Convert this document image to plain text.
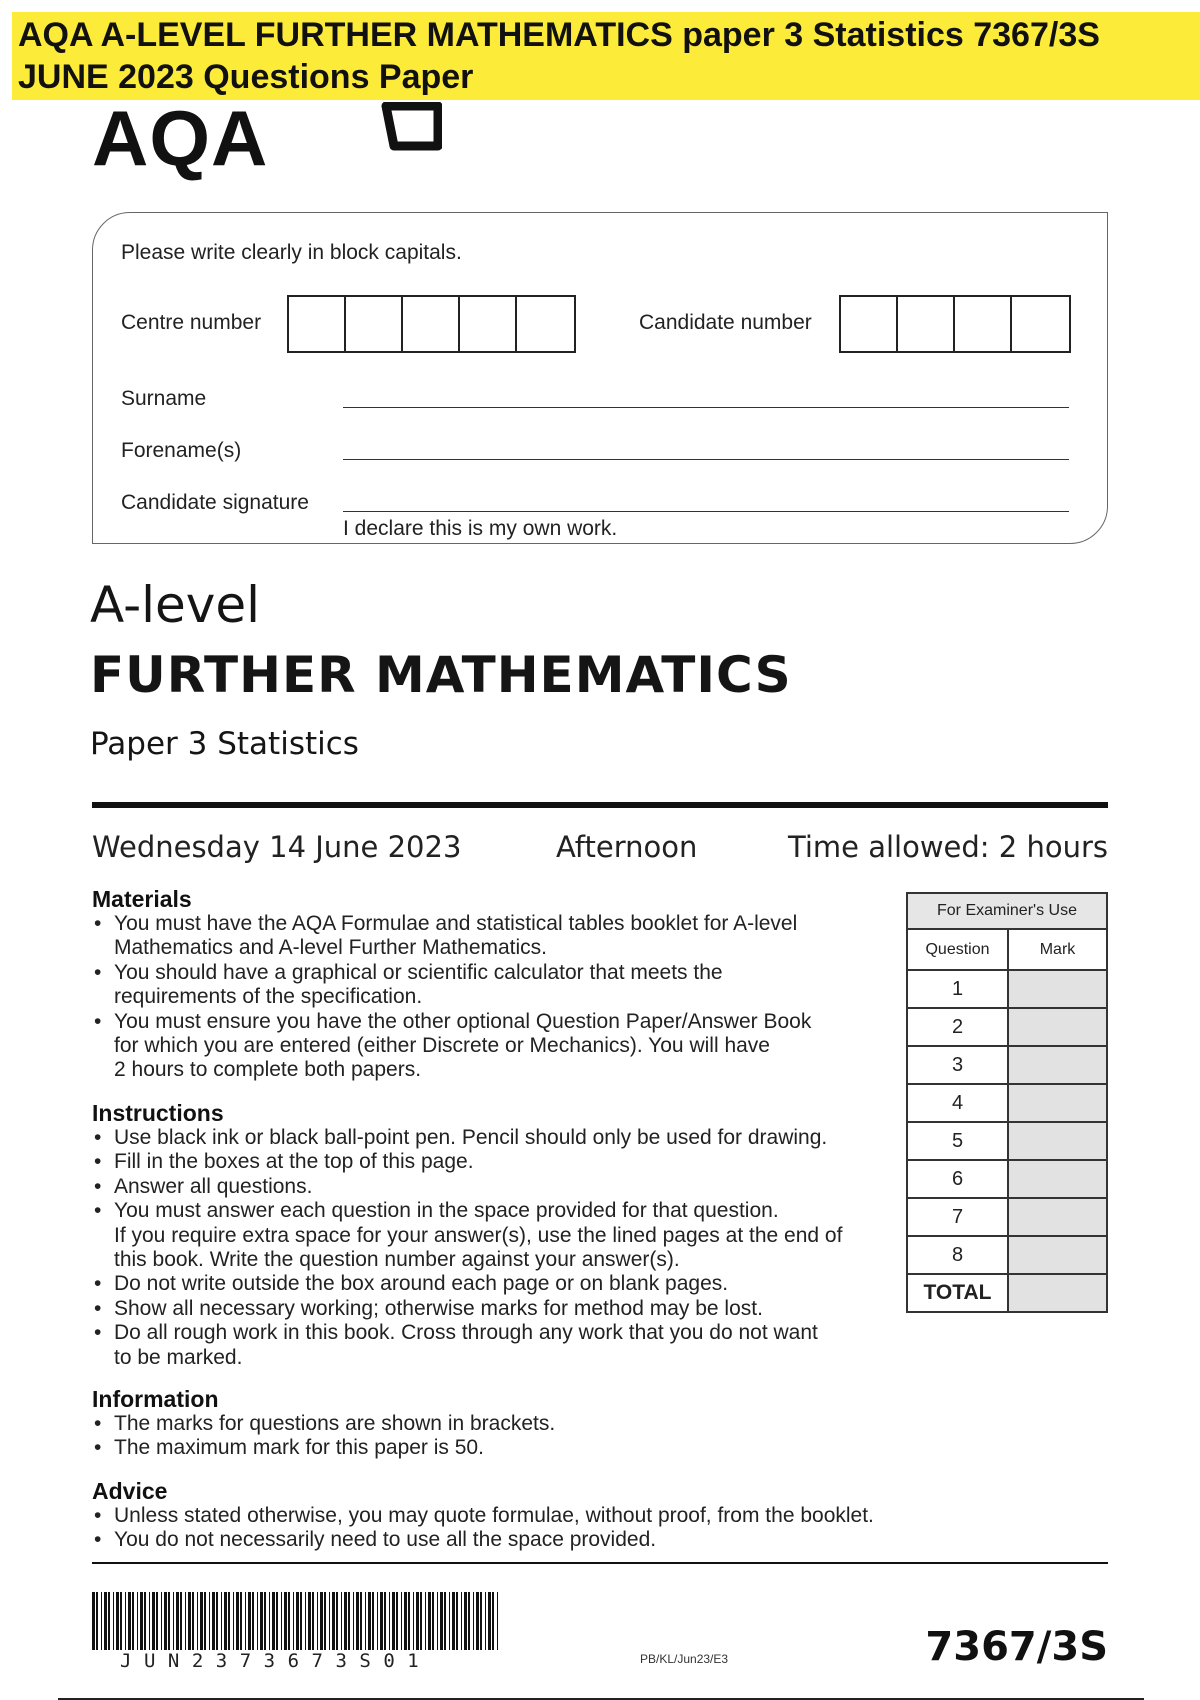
AQA A-LEVEL FURTHER MATHEMATICS paper 3 Statistics 7367/3S
JUNE 2023 Questions Paper
AQA
Please write clearly in block capitals.
Centre number	Candidate number
Surname
Forename(s)
Candidate signature
I declare this is my own work.
A-level
FURTHER MATHEMATICS
Paper 3 Statistics
Wednesday 14 June 2023	Afternoon	Time allowed: 2 hours
Materials
• You must have the AQA Formulae and statistical tables booklet for A-level
Mathematics and A-level Further Mathematics.
• You should have a graphical or scientific calculator that meets the
requirements of the specification.
• You must ensure you have the other optional Question Paper/Answer Book
for which you are entered (either Discrete or Mechanics). You will have
2 hours to complete both papers.
Instructions
• Use black ink or black ball-point pen. Pencil should only be used for drawing.
• Fill in the boxes at the top of this page.
• Answer all questions.
• You must answer each question in the space provided for that question.
If you require extra space for your answer(s), use the lined pages at the end of
this book. Write the question number against your answer(s).
• Do not write outside the box around each page or on blank pages.
• Show all necessary working; otherwise marks for method may be lost.
• Do all rough work in this book. Cross through any work that you do not want
to be marked.
Information
• The marks for questions are shown in brackets.
• The maximum mark for this paper is 50.
Advice
• Unless stated otherwise, you may quote formulae, without proof, from the booklet.
• You do not necessarily need to use all the space provided.
For Examiner's Use	
Question	Mark
1	
2	
3	
4	
5	
6	
7	
8	
TOTAL	
JUN2373673S01	PB/KL/Jun23/E3	7367/3S
